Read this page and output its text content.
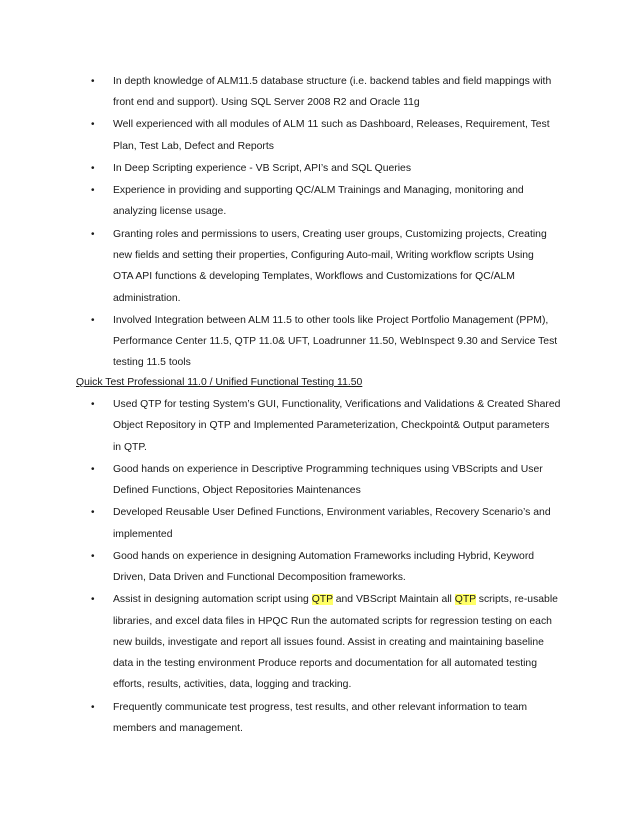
• In depth knowledge of ALM11.5 database structure (i.e. backend tables and field mappings with
front end and support). Using SQL Server 2008 R2 and Oracle 11g
• Well experienced with all modules of ALM 11 such as Dashboard, Releases, Requirement, Test
Plan, Test Lab, Defect and Reports
• In Deep Scripting experience - VB Script, API’s and SQL Queries
• Experience in providing and supporting QC/ALM Trainings and Managing, monitoring and
analyzing license usage.
• Granting roles and permissions to users, Creating user groups, Customizing projects, Creating
new fields and setting their properties, Configuring Auto-mail, Writing workflow scripts Using
OTA API functions & developing Templates, Workflows and Customizations for QC/ALM
administration.
• Involved Integration between ALM 11.5 to other tools like Project Portfolio Management (PPM),
Performance Center 11.5, QTP 11.0& UFT, Loadrunner 11.50, WebInspect 9.30 and Service Test
testing 11.5 tools
Quick Test Professional 11.0 / Unified Functional Testing 11.50
• Used QTP for testing System’s GUI, Functionality, Verifications and Validations & Created Shared
Object Repository in QTP and Implemented Parameterization, Checkpoint& Output parameters
in QTP.
• Good hands on experience in Descriptive Programming techniques using VBScripts and User
Defined Functions, Object Repositories Maintenances
• Developed Reusable User Defined Functions, Environment variables, Recovery Scenario’s and
implemented
• Good hands on experience in designing Automation Frameworks including Hybrid, Keyword
Driven, Data Driven and Functional Decomposition frameworks.
• Assist in designing automation script using QTP and VBScript Maintain all QTP scripts, re-usable
libraries, and excel data files in HPQC Run the automated scripts for regression testing on each
new builds, investigate and report all issues found. Assist in creating and maintaining baseline
data in the testing environment Produce reports and documentation for all automated testing
efforts, results, activities, data, logging and tracking.
• Frequently communicate test progress, test results, and other relevant information to team
members and management.
